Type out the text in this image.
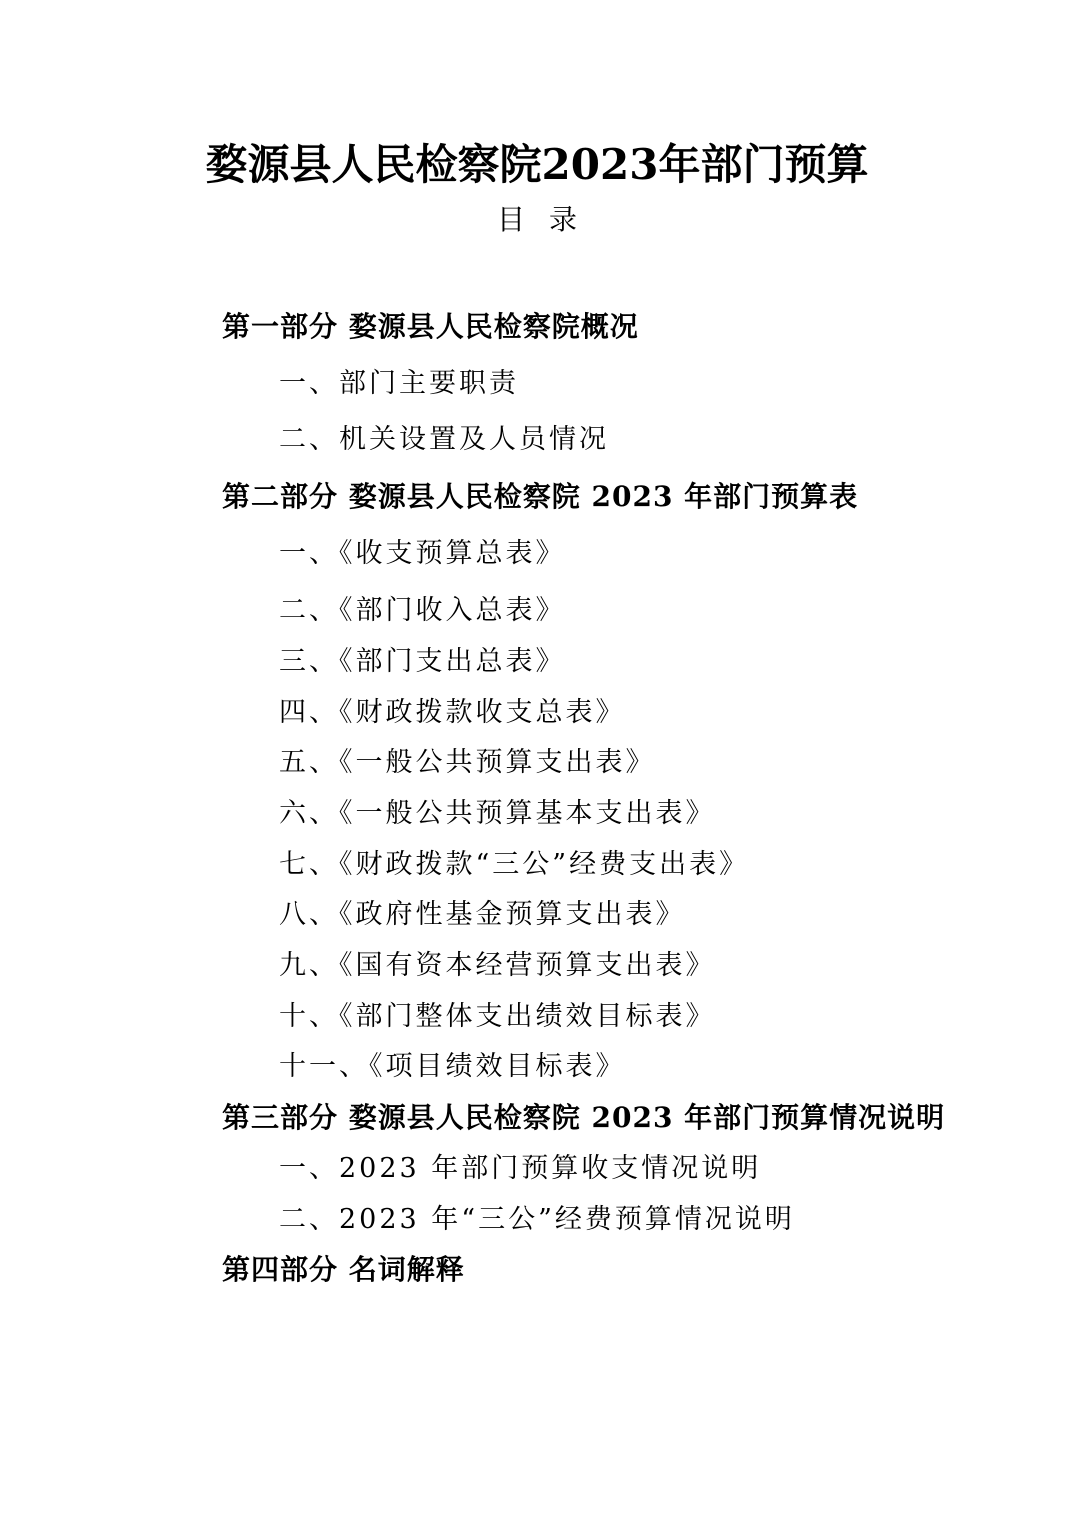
婺源县人民检察院2023年部门预算
目录
第一部分 婺源县人民检察院概况
一、部门主要职责
二、机关设置及人员情况
第二部分 婺源县人民检察院 2023 年部门预算表
一、《收支预算总表》
二、《部门收入总表》
三、《部门支出总表》
四、《财政拨款收支总表》
五、《一般公共预算支出表》
六、《一般公共预算基本支出表》
七、《财政拨款“三公”经费支出表》
八、《政府性基金预算支出表》
九、《国有资本经营预算支出表》
十、《部门整体支出绩效目标表》
十一、《项目绩效目标表》
第三部分 婺源县人民检察院 2023 年部门预算情况说明
一、2023 年部门预算收支情况说明
二、2023 年“三公”经费预算情况说明
第四部分 名词解释
